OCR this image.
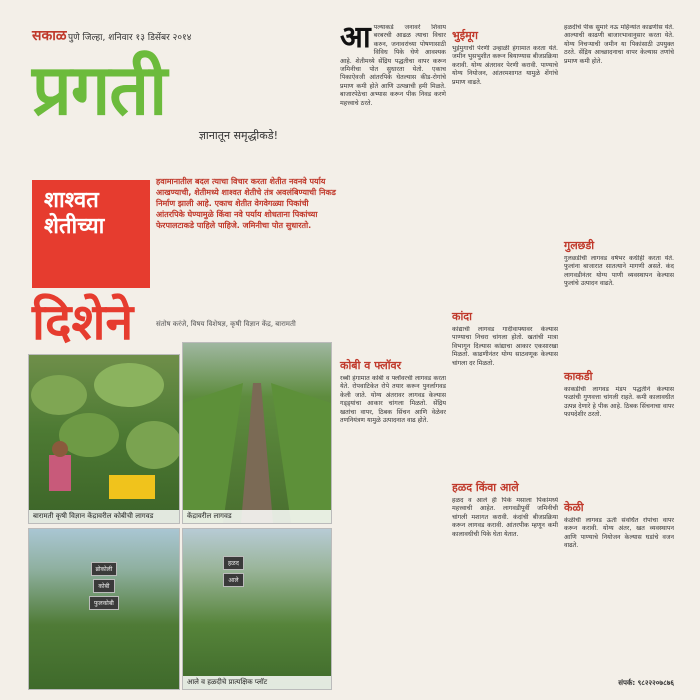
सकाळ पुणे जिल्हा, शनिवार १३ डिसेंबर २०१४
प्रगती
ज्ञानातून समृद्धीकडे!
शाश्वत शेतीच्या
दिशेने
हवामानातील बदल त्याचा विचार करता शेतीत नवनवे पर्याय आखण्याची, शेतीमध्ये शाश्वत शेतीचे तंत्र अवलंबिण्याची निकड निर्माण झाली आहे. एकाच शेतीत वेगवेगळ्या पिकांची आंतरपिके घेण्यामुळे किंवा नवे पर्याय शोधताना पिकांच्या फेरपालटाकडे पाहिले पाहिजे. जमिनीचा पोत सुधारतो.
संतोष करंजे, विषय विशेषज्ञ, कृषी विज्ञान केंद्र, बारामती
बारामती कृषी विज्ञान केंद्रावरील कोबीची लागवड	केंद्रावरील लागवड
ब्रोकोली
कोबी
फुलकोबी
हळद
आले
आले व हळदीचे प्रात्यक्षिक प्लॉट
आ पल्याकडे जनावरे शिवाय बरबरची आढळ त्याचा विचार करुन, जनावरांच्या पोषणासाठी विविध पिके घेणे आवश्यक आहे. शेतीमध्ये सेंद्रिय पद्धतीचा वापर करून जमिनीचा पोत सुधारता येतो. एकाच पिकाऐवजी आंतरपिके घेतल्यास कीड-रोगांचे प्रमाण कमी होते आणि उत्पन्नाची हमी मिळते. बाजारपेठेचा अभ्यास करून पीक निवड करणे महत्त्वाचे ठरते.
कोबी व फ्लॉवर
रब्बी हंगामात कोबी व फ्लॉवरची लागवड करता येते. रोपवाटिकेत रोपे तयार करून पुनर्लागवड केली जाते. योग्य अंतरावर लागवड केल्यास गड्ड्यांचा आकार चांगला मिळतो. सेंद्रिय खतांचा वापर, ठिबक सिंचन आणि वेळेवर तणनियंत्रण यामुळे उत्पादनात वाढ होते.
भुईमूग
भुईमुगाची पेरणी उन्हाळी हंगामात करता येते. जमीन भुसभुशीत करून बियाण्यास बीजप्रक्रिया करावी. योग्य अंतरावर पेरणी करावी. पाण्याचे योग्य नियोजन, आंतरमशागत यामुळे शेंगांचे प्रमाण वाढते.
कांदा
कांद्याची लागवड गादीवाफ्यावर केल्यास पाण्याचा निचरा चांगला होतो. खतांची मात्रा विभागून दिल्यास कांद्याचा आकार एकसारखा मिळतो. काढणीनंतर योग्य साठवणूक केल्यास चांगला दर मिळतो.
हळद किंवा आले
हळद व आले ही पिके मसाला पिकांमध्ये महत्त्वाची आहेत. लागवडीपूर्वी जमिनीची चांगली मशागत करावी. कंदांची बीजप्रक्रिया करून लागवड करावी. आंतरपीक म्हणून कमी कालावधीची पिके घेता येतात.
हळदीचे पीक सुमारे नऊ महिन्यांत काढणीस येते. आल्याची काढणी बाजारभावानुसार करता येते. योग्य निचऱ्याची जमीन या पिकांसाठी उपयुक्त ठरते. सेंद्रिय आच्छादनाचा वापर केल्यास तणांचे प्रमाण कमी होते.
गुलछडी
गुलछडीची लागवड वर्षभर कधीही करता येते. फुलांना बाजारात सातत्याने मागणी असते. कंद लागवडीनंतर योग्य पाणी व्यवस्थापन केल्यास फुलांचे उत्पादन वाढते.
काकडी
काकडीची लागवड मंडप पद्धतीने केल्यास फळांची गुणवत्ता चांगली राहते. कमी कालावधीत उत्पन्न देणारे हे पीक आहे. ठिबक सिंचनाचा वापर फायदेशीर ठरतो.
केळी
केळीची लागवड ऊती संवर्धित रोपांचा वापर करून करावी. योग्य अंतर, खत व्यवस्थापन आणि पाण्याचे नियोजन केल्यास घडांचे वजन वाढते.
संपर्क: ९८२२२०७८७६
